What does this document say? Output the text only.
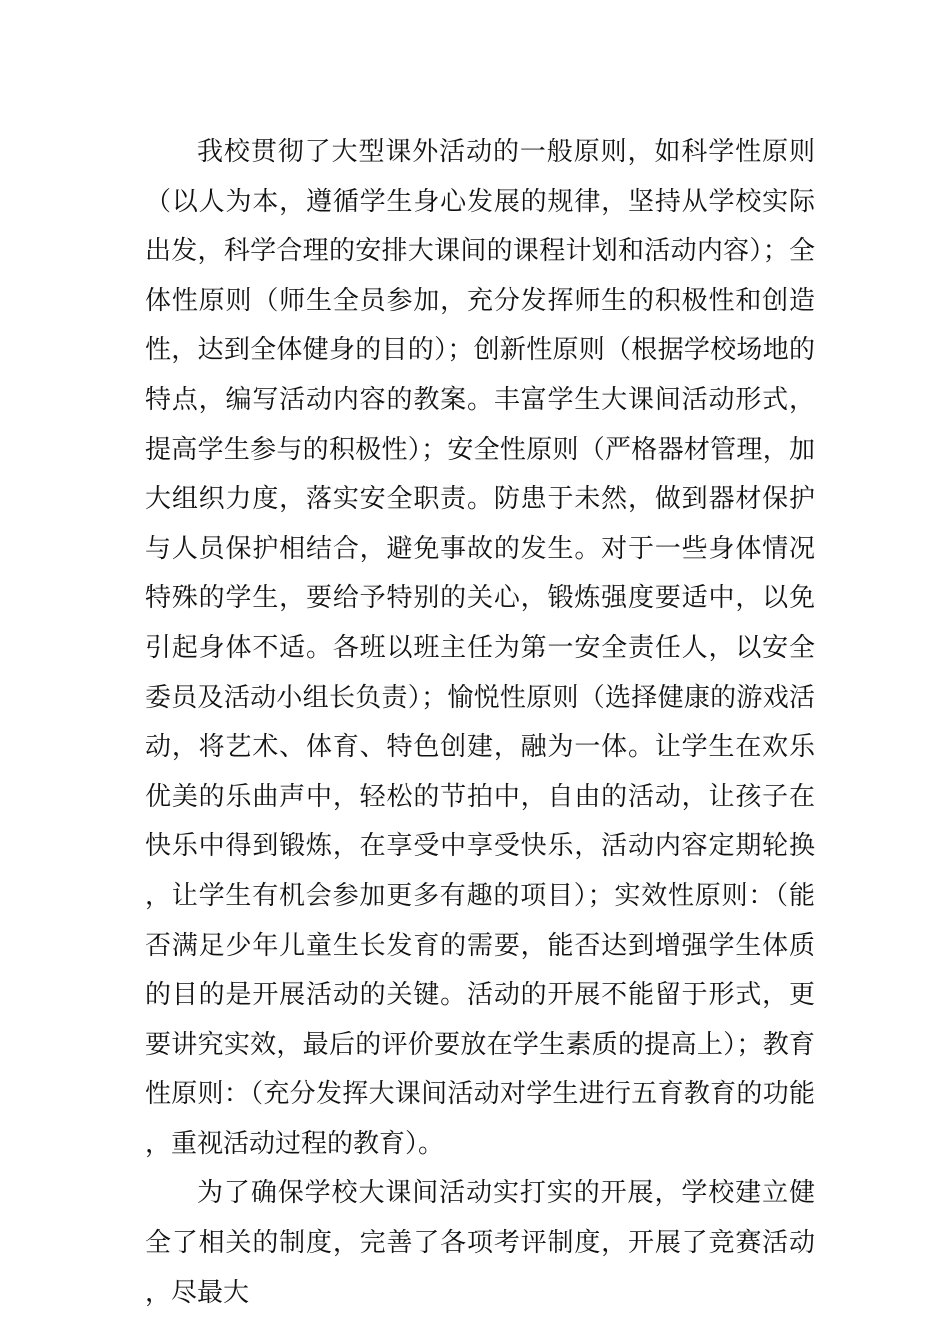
我校贯彻了大型课外活动的一般原则，如科学性原则（以人为本，遵循学生身心发展的规律，坚持从学校实际出发，科学合理的安排大课间的课程计划和活动内容）；全体性原则（师生全员参加，充分发挥师生的积极性和创造性，达到全体健身的目的）；创新性原则（根据学校场地的特点，编写活动内容的教案。丰富学生大课间活动形式，提高学生参与的积极性）；安全性原则（严格器材管理，加大组织力度，落实安全职责。防患于未然，做到器材保护与人员保护相结合，避免事故的发生。对于一些身体情况特殊的学生，要给予特别的关心，锻炼强度要适中，以免引起身体不适。各班以班主任为第一安全责任人，以安全委员及活动小组长负责）；愉悦性原则（选择健康的游戏活动，将艺术、体育、特色创建，融为一体。让学生在欢乐优美的乐曲声中，轻松的节拍中，自由的活动，让孩子在快乐中得到锻炼，在享受中享受快乐，活动内容定期轮换，让学生有机会参加更多有趣的项目）；实效性原则：（能否满足少年儿童生长发育的需要，能否达到增强学生体质的目的是开展活动的关键。活动的开展不能留于形式，更要讲究实效，最后的评价要放在学生素质的提高上）；教育性原则：（充分发挥大课间活动对学生进行五育教育的功能，重视活动过程的教育）。

为了确保学校大课间活动实打实的开展，学校建立健全了相关的制度，完善了各项考评制度，开展了竞赛活动，尽最大
